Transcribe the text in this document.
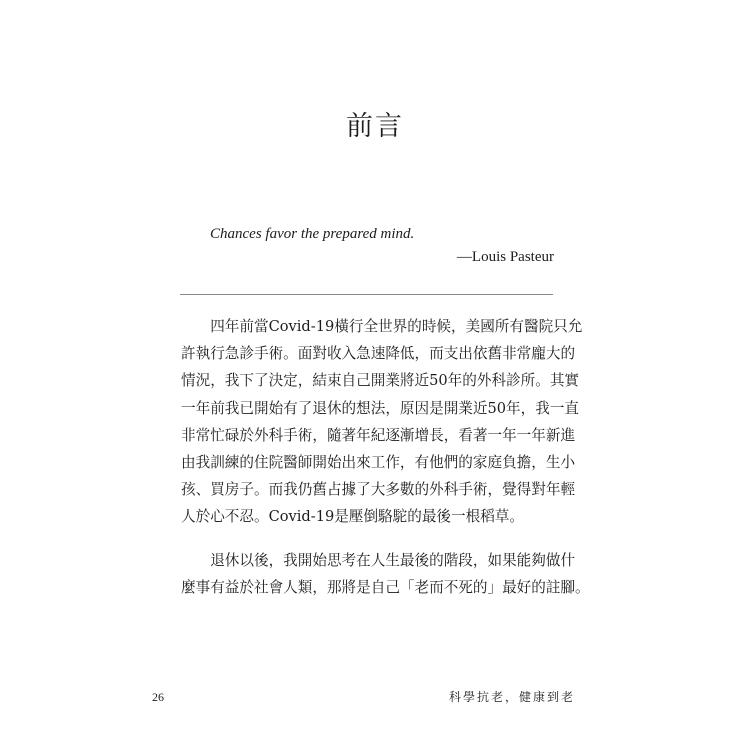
前言
Chances favor the prepared mind.
—Louis Pasteur

四年前當Covid-19橫行全世界的時候，美國所有醫院只允
許執行急診手術。面對收入急速降低，而支出依舊非常龐大的
情況，我下了決定，結束自己開業將近50年的外科診所。其實
一年前我已開始有了退休的想法，原因是開業近50年，我一直
非常忙碌於外科手術，隨著年紀逐漸增長，看著一年一年新進
由我訓練的住院醫師開始出來工作，有他們的家庭負擔，生小
孩、買房子。而我仍舊占據了大多數的外科手術，覺得對年輕
人於心不忍。Covid-19是壓倒駱駝的最後一根稻草。

退休以後，我開始思考在人生最後的階段，如果能夠做什
麼事有益於社會人類，那將是自己「老而不死的」最好的註腳。

26	科學抗老，健康到老
